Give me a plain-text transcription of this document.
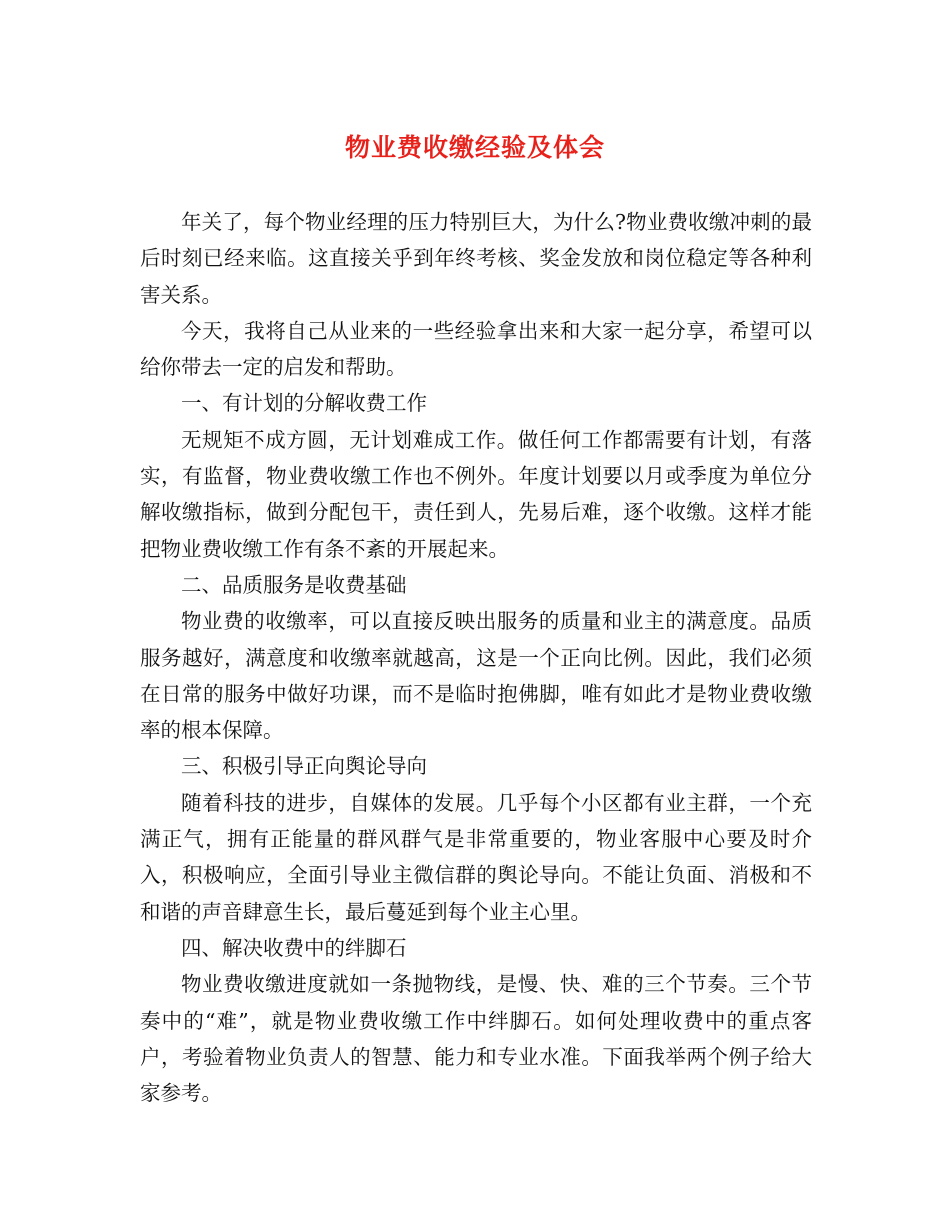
物业费收缴经验及体会

年关了，每个物业经理的压力特别巨大，为什么?物业费收缴冲刺的最后时刻已经来临。这直接关乎到年终考核、奖金发放和岗位稳定等各种利害关系。

今天，我将自己从业来的一些经验拿出来和大家一起分享，希望可以给你带去一定的启发和帮助。

一、有计划的分解收费工作

无规矩不成方圆，无计划难成工作。做任何工作都需要有计划，有落实，有监督，物业费收缴工作也不例外。年度计划要以月或季度为单位分解收缴指标，做到分配包干，责任到人，先易后难，逐个收缴。这样才能把物业费收缴工作有条不紊的开展起来。

二、品质服务是收费基础

物业费的收缴率，可以直接反映出服务的质量和业主的满意度。品质服务越好，满意度和收缴率就越高，这是一个正向比例。因此，我们必须在日常的服务中做好功课，而不是临时抱佛脚，唯有如此才是物业费收缴率的根本保障。

三、积极引导正向舆论导向

随着科技的进步，自媒体的发展。几乎每个小区都有业主群，一个充满正气，拥有正能量的群风群气是非常重要的，物业客服中心要及时介入，积极响应，全面引导业主微信群的舆论导向。不能让负面、消极和不和谐的声音肆意生长，最后蔓延到每个业主心里。

四、解决收费中的绊脚石

物业费收缴进度就如一条抛物线，是慢、快、难的三个节奏。三个节奏中的“难”，就是物业费收缴工作中绊脚石。如何处理收费中的重点客户，考验着物业负责人的智慧、能力和专业水准。下面我举两个例子给大家参考。
